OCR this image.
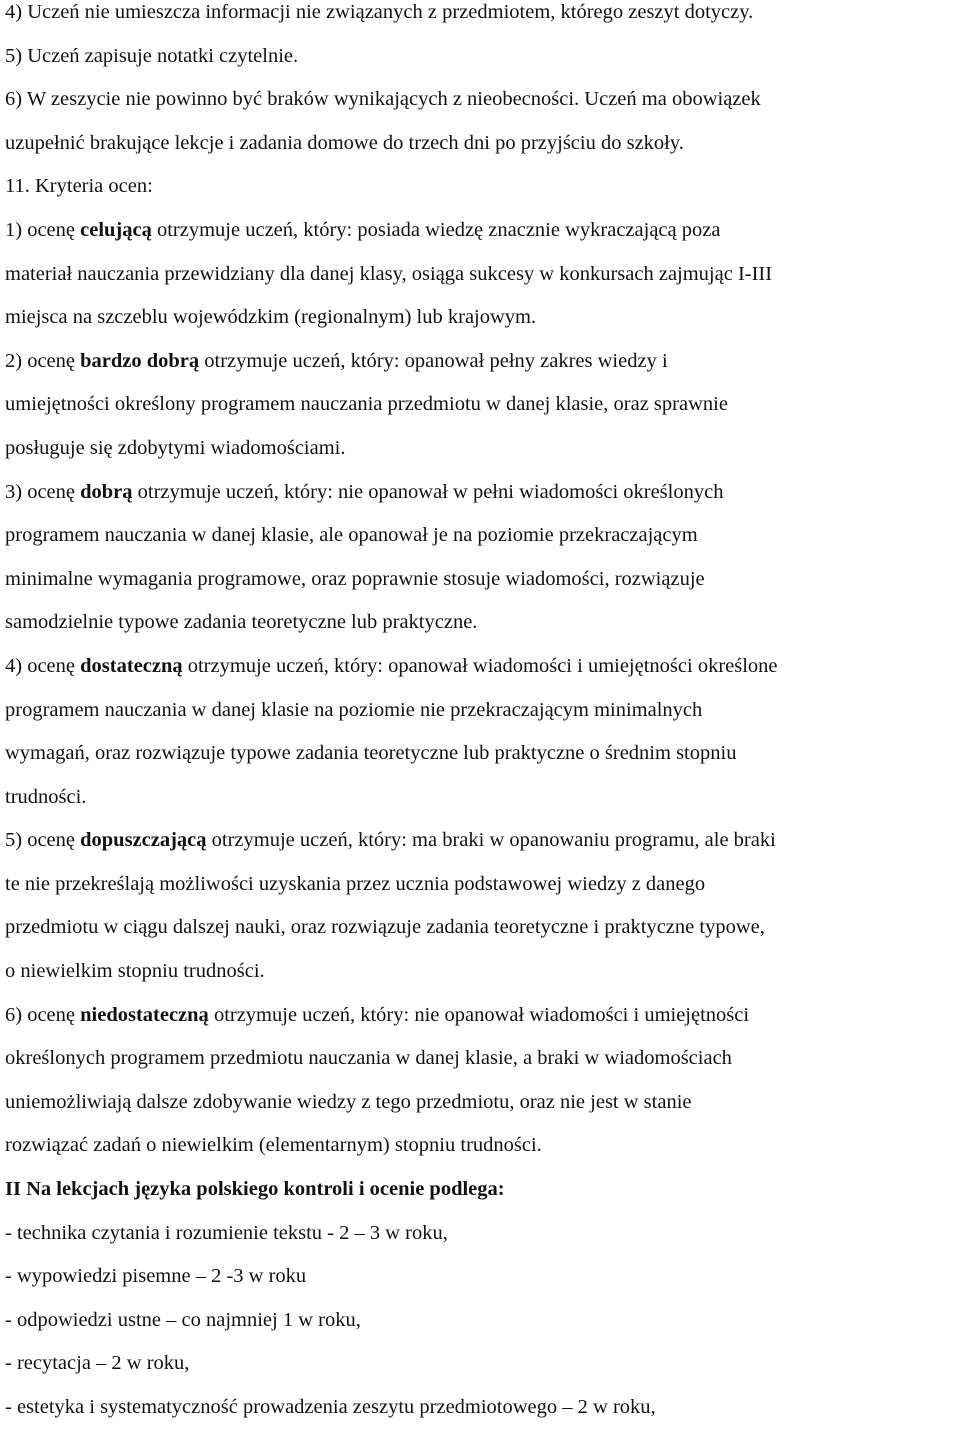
4) Uczeń nie umieszcza informacji nie związanych z przedmiotem, którego zeszyt dotyczy.
5) Uczeń zapisuje notatki czytelnie.
6) W zeszycie nie powinno być braków wynikających z nieobecności. Uczeń ma obowiązek
uzupełnić brakujące lekcje i zadania domowe do trzech dni po przyjściu do szkoły.
11. Kryteria ocen:
1) ocenę celującą otrzymuje uczeń, który: posiada wiedzę znacznie wykraczającą poza
materiał nauczania przewidziany dla danej klasy, osiąga sukcesy w konkursach zajmując I-III
miejsca na szczeblu wojewódzkim (regionalnym) lub krajowym.
2) ocenę bardzo dobrą otrzymuje uczeń, który: opanował pełny zakres wiedzy i
umiejętności określony programem nauczania przedmiotu w danej klasie, oraz sprawnie
posługuje się zdobytymi wiadomościami.
3) ocenę dobrą otrzymuje uczeń, który: nie opanował w pełni wiadomości określonych
programem nauczania w danej klasie, ale opanował je na poziomie przekraczającym
minimalne wymagania programowe, oraz poprawnie stosuje wiadomości, rozwiązuje
samodzielnie typowe zadania teoretyczne lub praktyczne.
4) ocenę dostateczną otrzymuje uczeń, który: opanował wiadomości i umiejętności określone
programem nauczania w danej klasie na poziomie nie przekraczającym minimalnych
wymagań, oraz rozwiązuje typowe zadania teoretyczne lub praktyczne o średnim stopniu
trudności.
5) ocenę dopuszczającą otrzymuje uczeń, który: ma braki w opanowaniu programu, ale braki
te nie przekreślają możliwości uzyskania przez ucznia podstawowej wiedzy z danego
przedmiotu w ciągu dalszej nauki, oraz rozwiązuje zadania teoretyczne i praktyczne typowe,
o niewielkim stopniu trudności.
6) ocenę niedostateczną otrzymuje uczeń, który: nie opanował wiadomości i umiejętności
określonych programem przedmiotu nauczania w danej klasie, a braki w wiadomościach
uniemożliwiają dalsze zdobywanie wiedzy z tego przedmiotu, oraz nie jest w stanie
rozwiązać zadań o niewielkim (elementarnym) stopniu trudności.
II Na lekcjach języka polskiego kontroli i ocenie podlega:
- technika czytania i rozumienie tekstu - 2 – 3 w roku,
- wypowiedzi pisemne – 2 -3 w roku
- odpowiedzi ustne – co najmniej 1 w roku,
- recytacja – 2 w roku,
- estetyka i systematyczność prowadzenia zeszytu przedmiotowego – 2 w roku,
